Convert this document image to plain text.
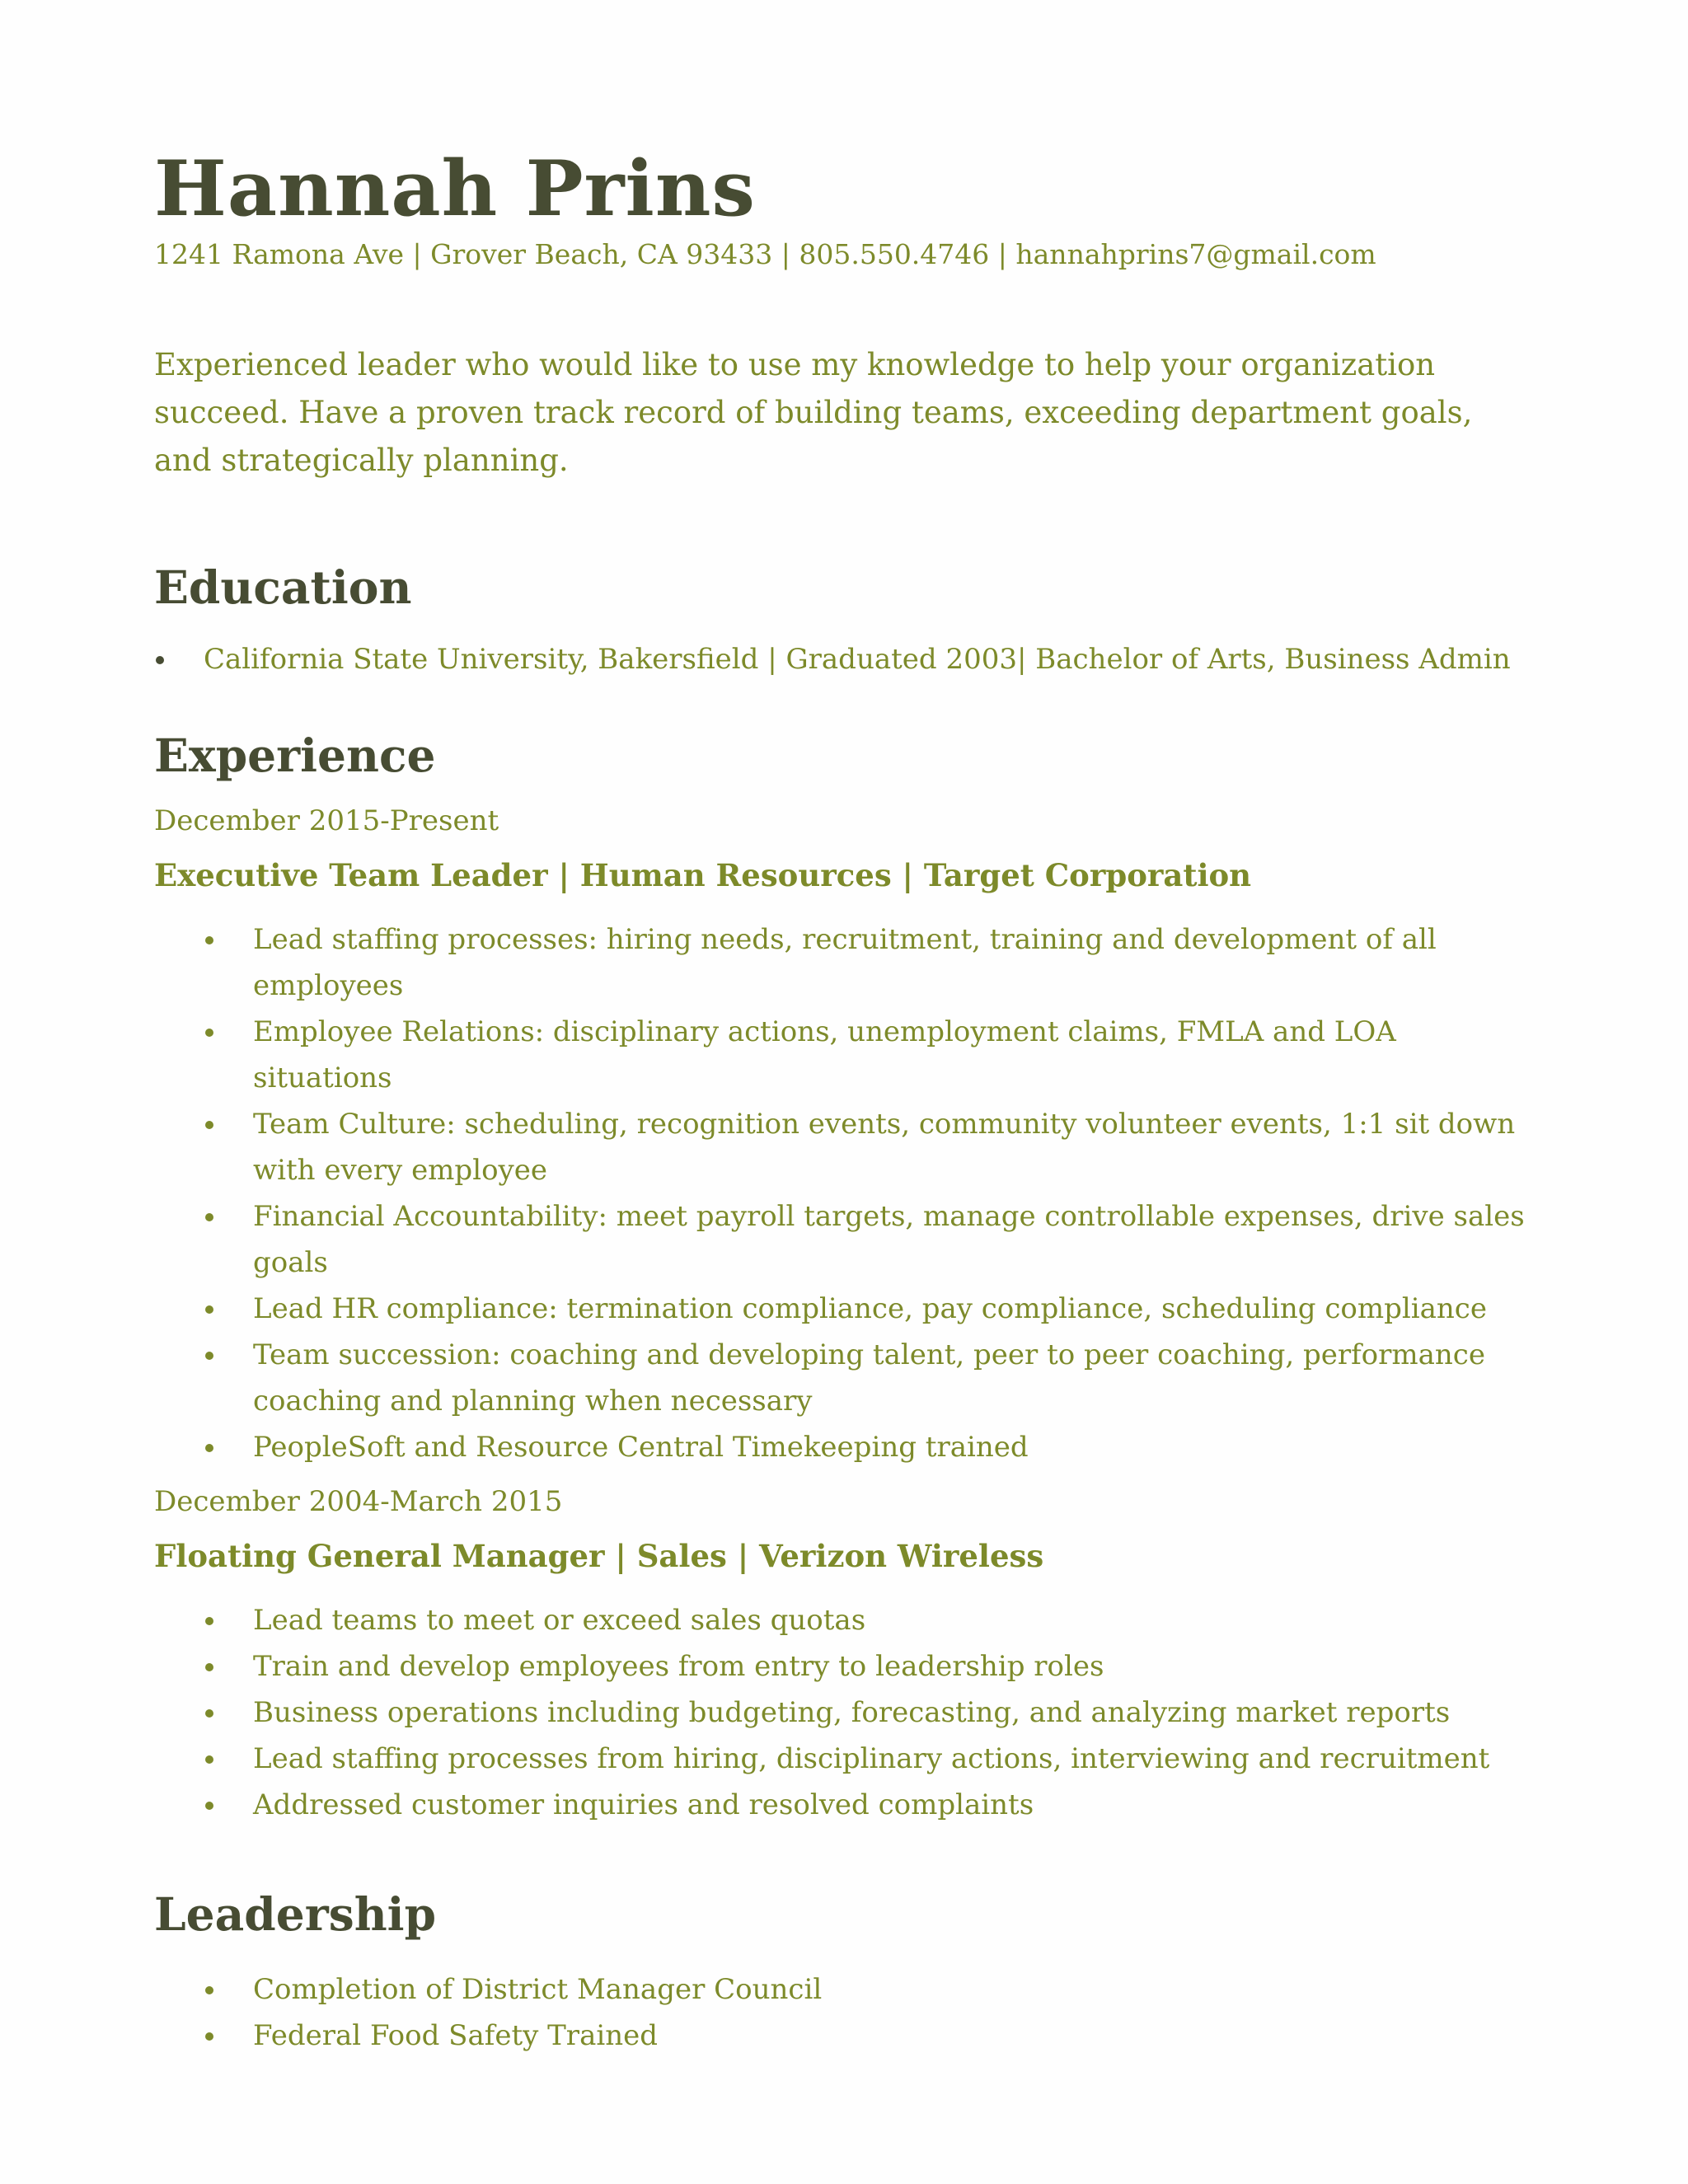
Hannah Prins

1241 Ramona Ave | Grover Beach, CA 93433 | 805.550.4746 | hannahprins7@gmail.com

Experienced leader who would like to use my knowledge to help your organization succeed. Have a proven track record of building teams, exceeding department goals, and strategically planning.

Education
California State University, Bakersfield | Graduated 2003| Bachelor of Arts, Business Admin
Experience

December 2015-Present

Executive Team Leader | Human Resources | Target Corporation

Lead staffing processes: hiring needs, recruitment, training and development of all employees
Employee Relations: disciplinary actions, unemployment claims, FMLA and LOA situations
Team Culture: scheduling, recognition events, community volunteer events, 1:1 sit down with every employee
Financial Accountability: meet payroll targets, manage controllable expenses, drive sales goals
Lead HR compliance: termination compliance, pay compliance, scheduling compliance
Team succession: coaching and developing talent, peer to peer coaching, performance coaching and planning when necessary
PeopleSoft and Resource Central Timekeeping trained

December 2004-March 2015

Floating General Manager | Sales | Verizon Wireless

Lead teams to meet or exceed sales quotas
Train and develop employees from entry to leadership roles
Business operations including budgeting, forecasting, and analyzing market reports
Lead staffing processes from hiring, disciplinary actions, interviewing and recruitment
Addressed customer inquiries and resolved complaints
Leadership
Completion of District Manager Council
Federal Food Safety Trained
